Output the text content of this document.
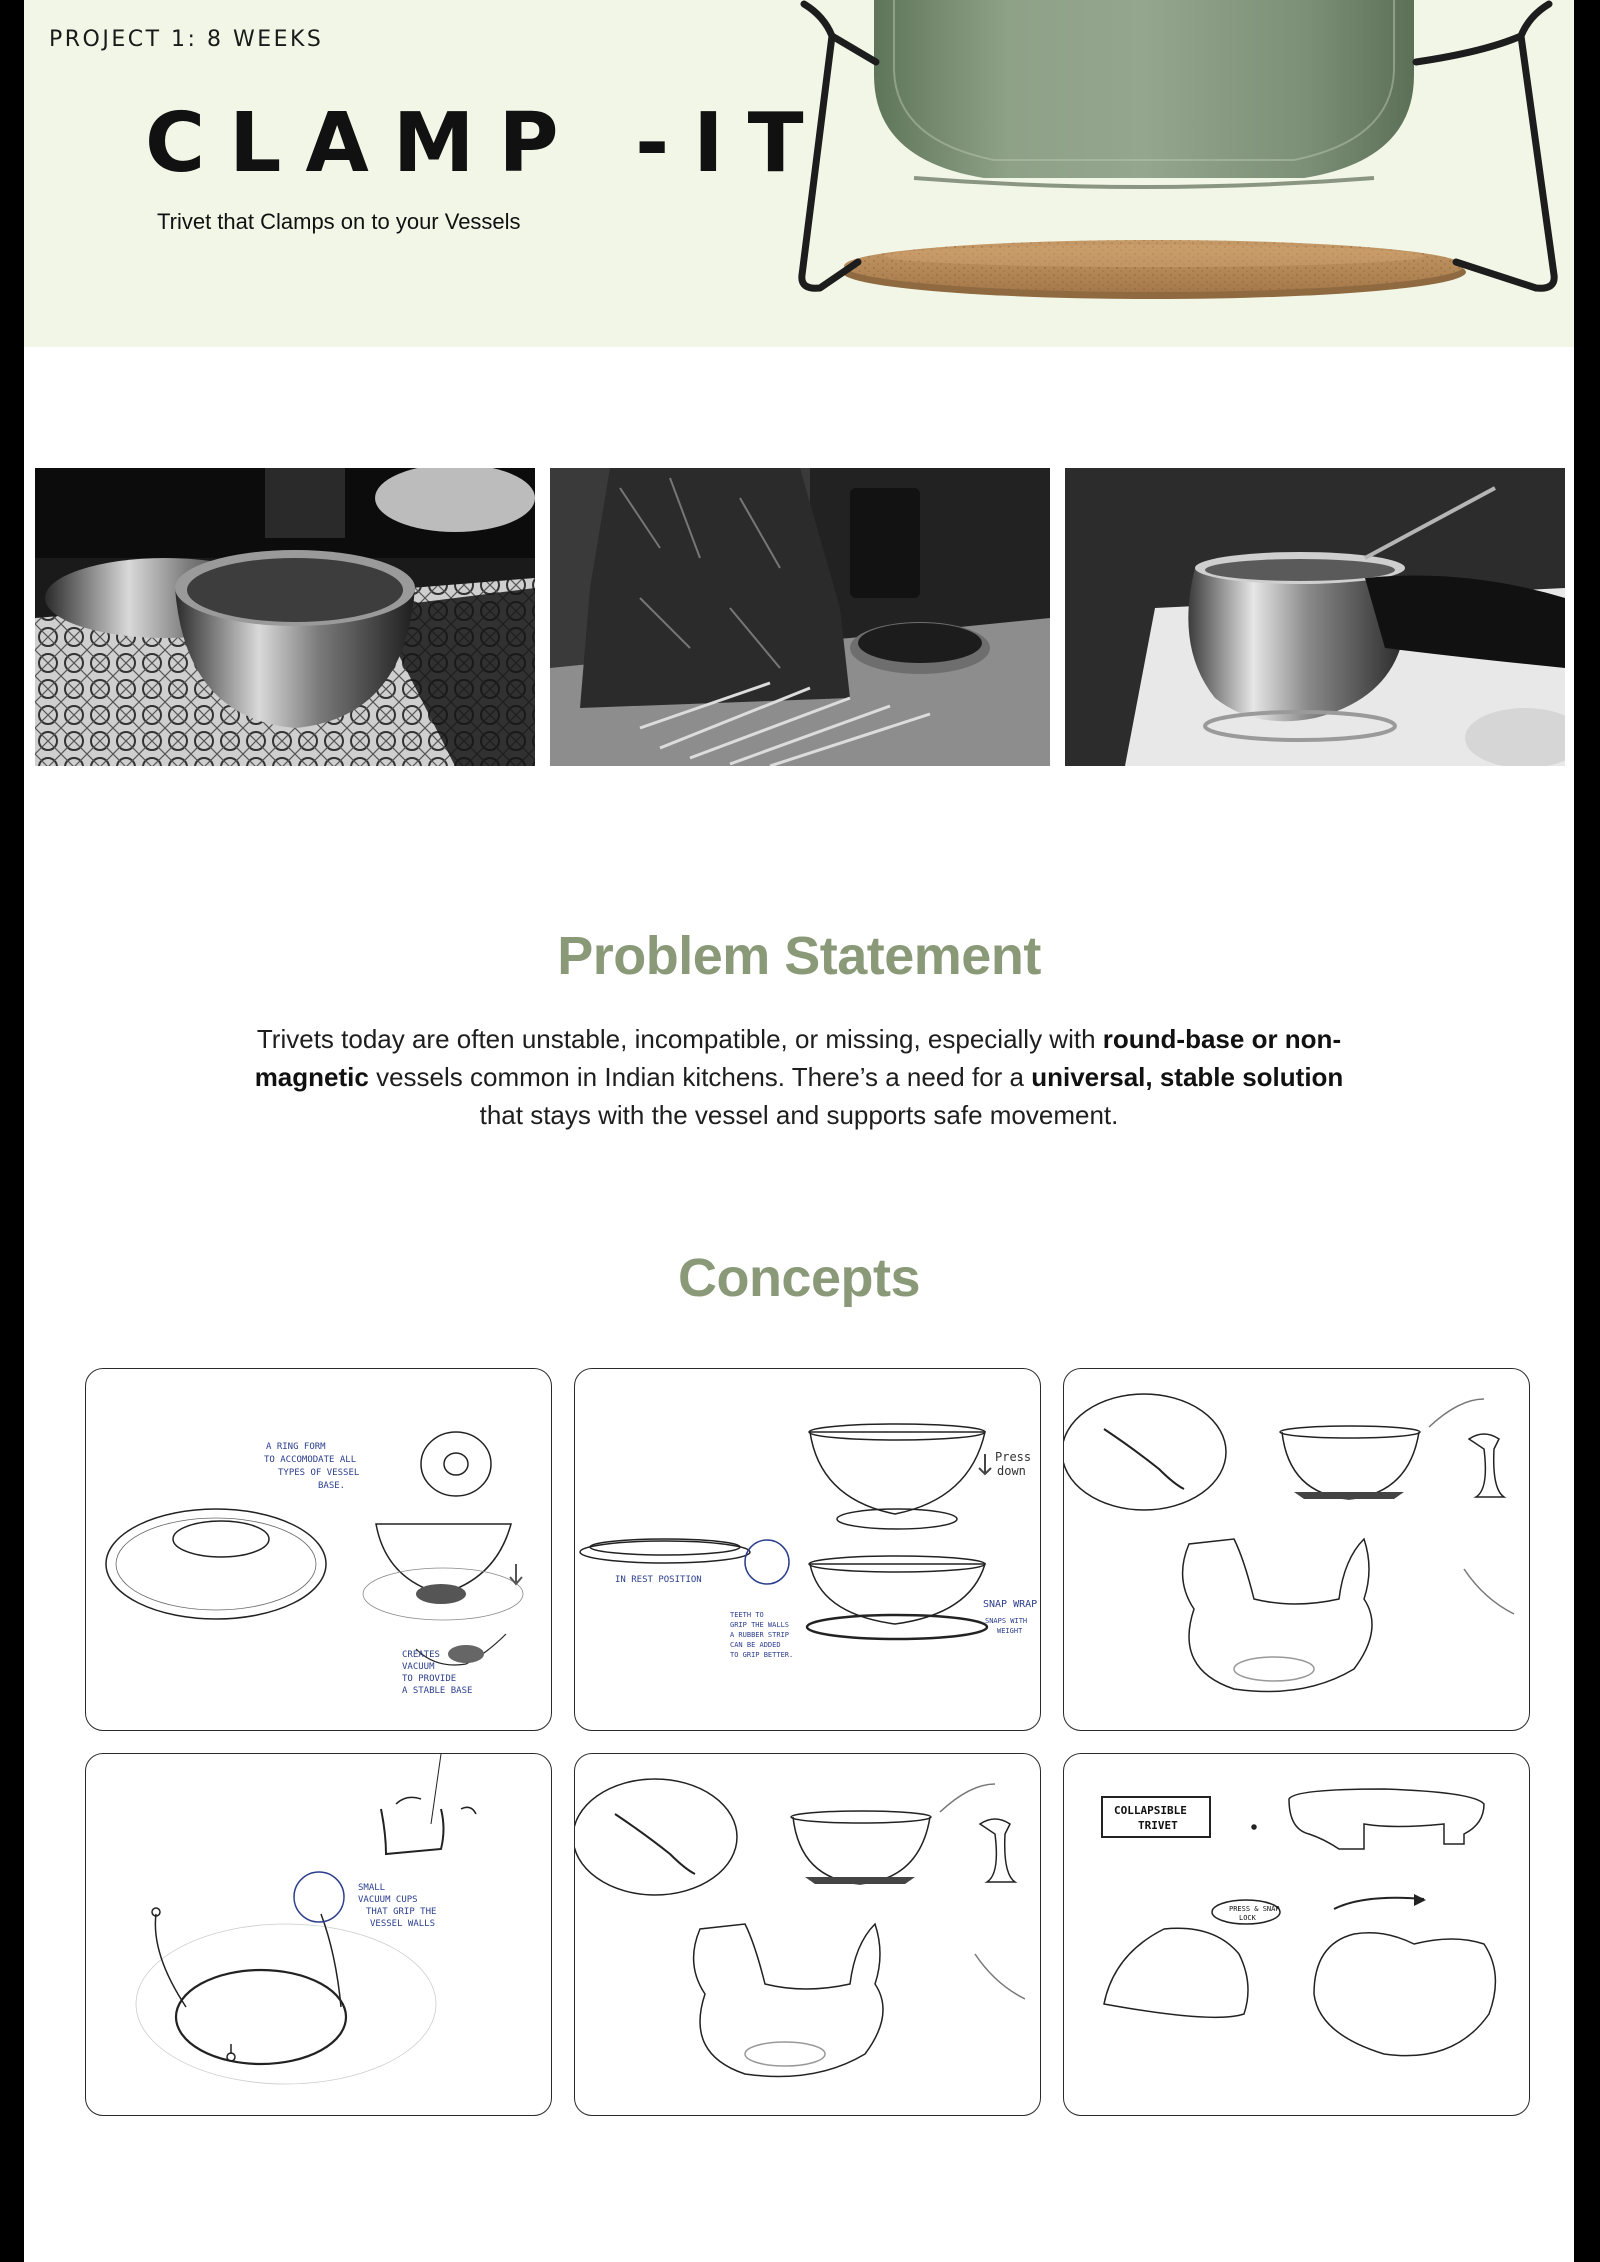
PROJECT 1: 8 WEEKS
CLAMP -IT
Trivet that Clamps on to your Vessels
Problem Statement

Trivets today are often unstable, incompatible, or missing, especially with round-base or non-magnetic vessels common in Indian kitchens. There’s a need for a universal, stable solution that stays with the vessel and supports safe movement.

Concepts
A RING FORM
TO ACCOMODATE ALL
TYPES OF VESSEL
BASE.
CREATES
VACUUM
TO PROVIDE
A STABLE BASE
IN REST POSITION
Press
down
TEETH TO
GRIP THE WALLS
A RUBBER STRIP
CAN BE ADDED
TO GRIP BETTER.
SNAP WRAP
SNAPS WITH
WEIGHT
SMALL
VACUUM CUPS
THAT GRIP THE
VESSEL WALLS
COLLAPSIBLE
TRIVET
PRESS & SNAP
LOCK
